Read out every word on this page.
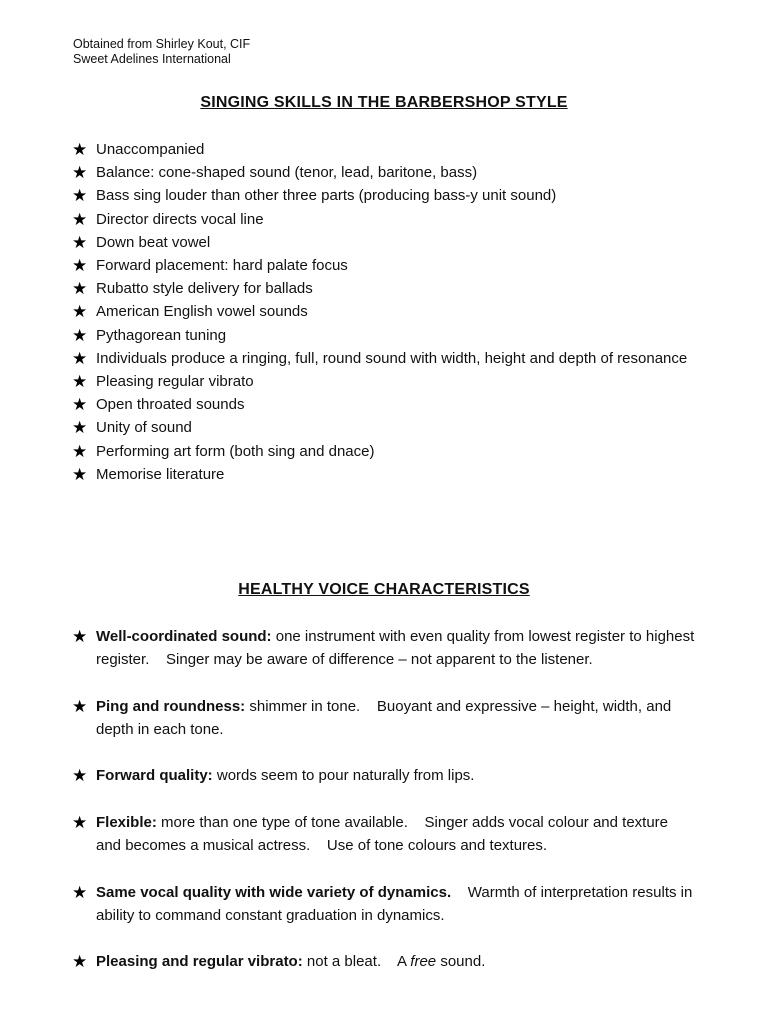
Obtained from Shirley Kout, CIF
Sweet Adelines International
SINGING SKILLS IN THE BARBERSHOP STYLE
★ Unaccompanied
★ Balance: cone-shaped sound (tenor, lead, baritone, bass)
★ Bass sing louder than other three parts (producing bass-y unit sound)
★ Director directs vocal line
★ Down beat vowel
★ Forward placement: hard palate focus
★ Rubatto style delivery for ballads
★ American English vowel sounds
★ Pythagorean tuning
★ Individuals produce a ringing, full, round sound with width, height and depth of resonance
★ Pleasing regular vibrato
★ Open throated sounds
★ Unity of sound
★ Performing art form (both sing and dnace)
★ Memorise literature
HEALTHY VOICE CHARACTERISTICS
★ Well-coordinated sound: one instrument with even quality from lowest register to highest register.    Singer may be aware of difference – not apparent to the listener.
★ Ping and roundness: shimmer in tone.    Buoyant and expressive – height, width, and depth in each tone.
★ Forward quality: words seem to pour naturally from lips.
★ Flexible: more than one type of tone available.    Singer adds vocal colour and texture and becomes a musical actress.    Use of tone colours and textures.
★ Same vocal quality with wide variety of dynamics.    Warmth of interpretation results in ability to command constant graduation in dynamics.
★ Pleasing and regular vibrato: not a bleat.    A free sound.
